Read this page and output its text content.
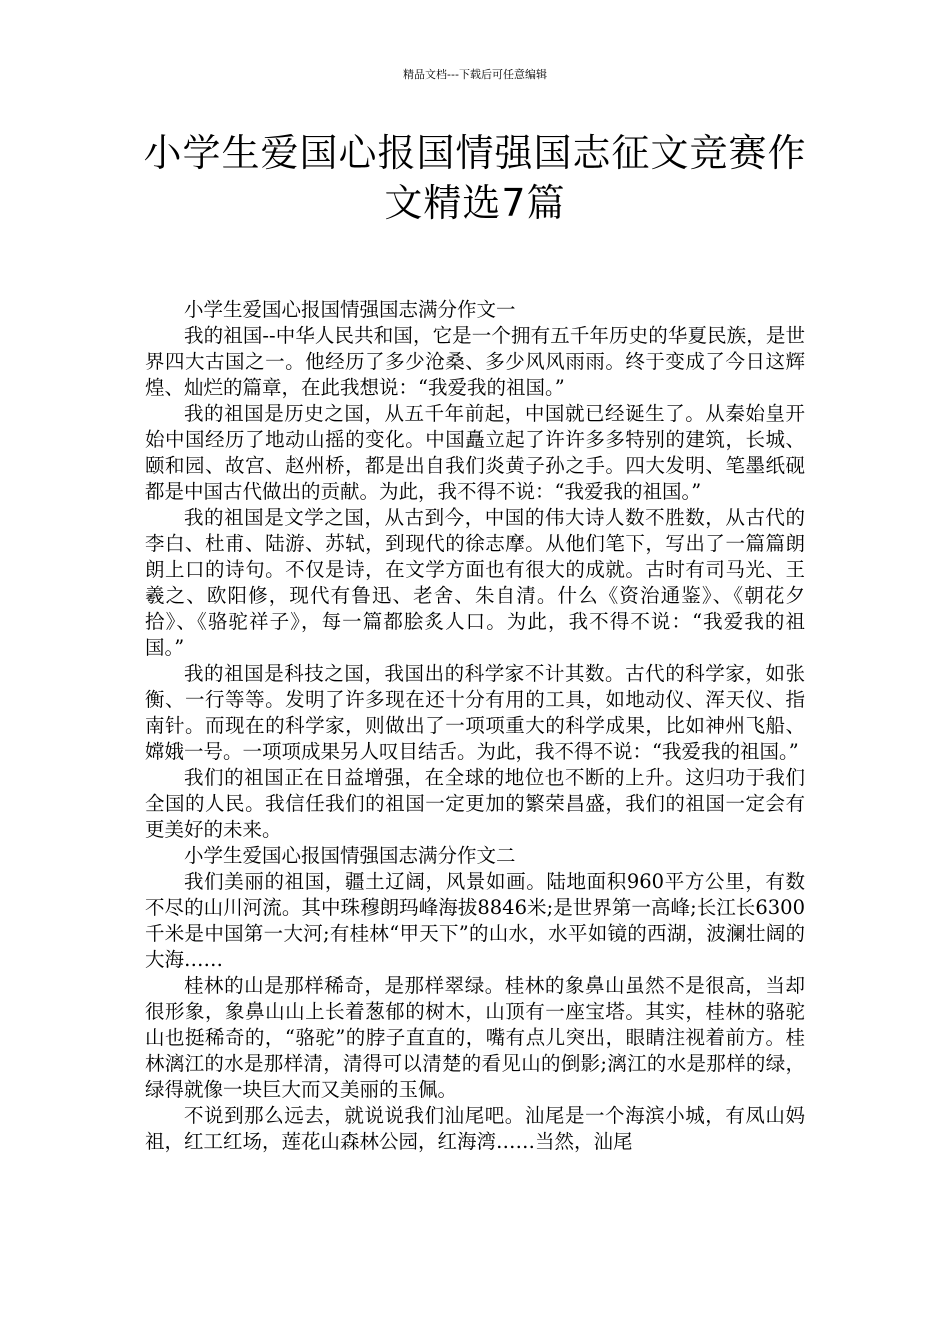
精品文档---下载后可任意编辑
小学生爱国心报国情强国志征文竞赛作
文精选7篇

小学生爱国心报国情强国志满分作文一

我的祖国--中华人民共和国，它是一个拥有五千年历史的华夏民族，是世界四大古国之一。他经历了多少沧桑、多少风风雨雨。终于变成了今日这辉煌、灿烂的篇章，在此我想说：“我爱我的祖国。”

我的祖国是历史之国，从五千年前起，中国就已经诞生了。从秦始皇开始中国经历了地动山摇的变化。中国矗立起了许许多多特别的建筑，长城、颐和园、故宫、赵州桥，都是出自我们炎黄子孙之手。四大发明、笔墨纸砚都是中国古代做出的贡献。为此，我不得不说：“我爱我的祖国。”

我的祖国是文学之国，从古到今，中国的伟大诗人数不胜数，从古代的李白、杜甫、陆游、苏轼，到现代的徐志摩。从他们笔下，写出了一篇篇朗朗上口的诗句。不仅是诗，在文学方面也有很大的成就。古时有司马光、王羲之、欧阳修，现代有鲁迅、老舍、朱自清。什么《资治通鉴》、《朝花夕拾》、《骆驼祥子》，每一篇都脍炙人口。为此，我不得不说：“我爱我的祖国。”

我的祖国是科技之国，我国出的科学家不计其数。古代的科学家，如张衡、一行等等。发明了许多现在还十分有用的工具，如地动仪、浑天仪、指南针。而现在的科学家，则做出了一项项重大的科学成果，比如神州飞船、嫦娥一号。一项项成果另人叹目结舌。为此，我不得不说：“我爱我的祖国。”

我们的祖国正在日益增强，在全球的地位也不断的上升。这归功于我们全国的人民。我信任我们的祖国一定更加的繁荣昌盛，我们的祖国一定会有更美好的未来。

小学生爱国心报国情强国志满分作文二

我们美丽的祖国，疆土辽阔，风景如画。陆地面积960平方公里，有数不尽的山川河流。其中珠穆朗玛峰海拔8846米;是世界第一高峰;长江长6300千米是中国第一大河;有桂林“甲天下”的山水，水平如镜的西湖，波澜壮阔的大海……

桂林的山是那样稀奇，是那样翠绿。桂林的象鼻山虽然不是很高，当却很形象，象鼻山山上长着葱郁的树木，山顶有一座宝塔。其实，桂林的骆驼山也挺稀奇的，“骆驼”的脖子直直的，嘴有点儿突出，眼睛注视着前方。桂林漓江的水是那样清，清得可以清楚的看见山的倒影;漓江的水是那样的绿，绿得就像一块巨大而又美丽的玉佩。

不说到那么远去，就说说我们汕尾吧。汕尾是一个海滨小城，有凤山妈祖，红工红场，莲花山森林公园，红海湾……当然，汕尾
